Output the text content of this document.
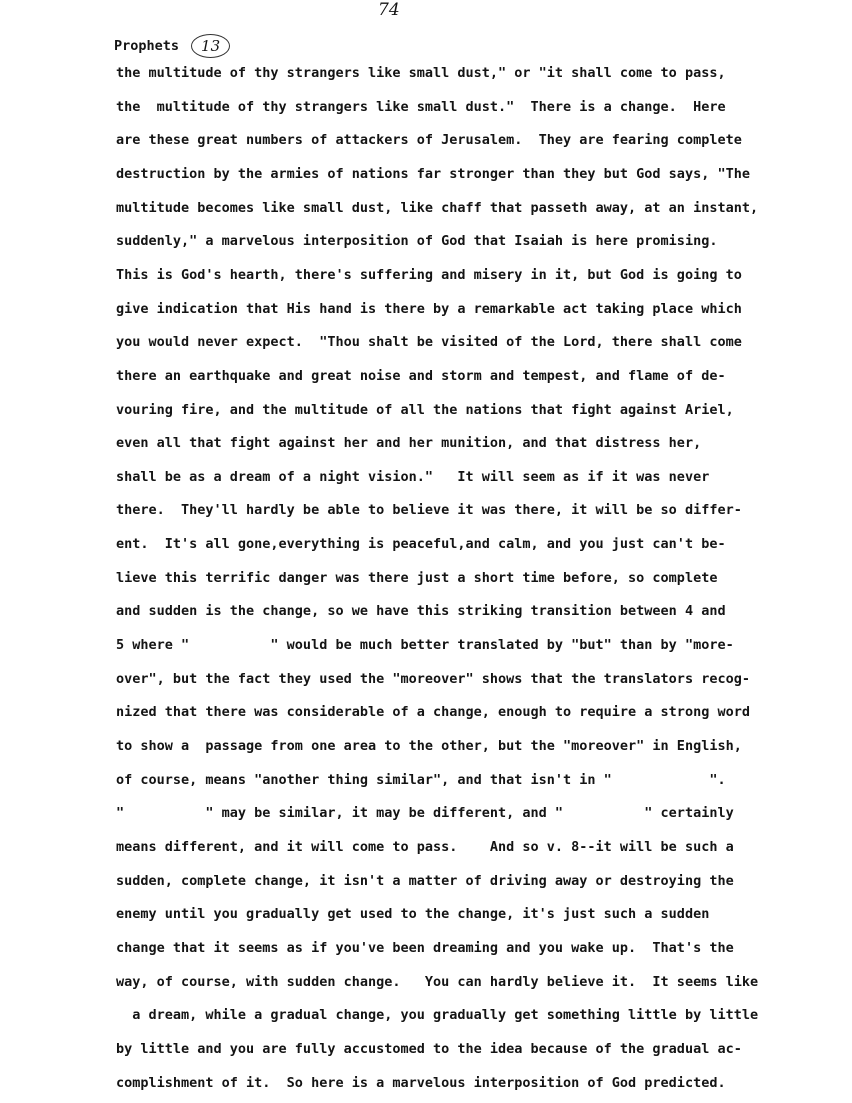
74
Prophets	13
the multitude of thy strangers like small dust," or "it shall come to pass,
the  multitude of thy strangers like small dust."  There is a change.  Here
are these great numbers of attackers of Jerusalem.  They are fearing complete
destruction by the armies of nations far stronger than they but God says, "The
multitude becomes like small dust, like chaff that passeth away, at an instant,
suddenly," a marvelous interposition of God that Isaiah is here promising.
This is God's hearth, there's suffering and misery in it, but God is going to
give indication that His hand is there by a remarkable act taking place which
you would never expect.  "Thou shalt be visited of the Lord, there shall come
there an earthquake and great noise and storm and tempest, and flame of de-
vouring fire, and the multitude of all the nations that fight against Ariel,
even all that fight against her and her munition, and that distress her,
shall be as a dream of a night vision."   It will seem as if it was never
there.  They'll hardly be able to believe it was there, it will be so differ-
ent.  It's all gone,everything is peaceful,and calm, and you just can't be-
lieve this terrific danger was there just a short time before, so complete
and sudden is the change, so we have this striking transition between 4 and
5 where "          " would be much better translated by "but" than by "more-
over", but the fact they used the "moreover" shows that the translators recog-
nized that there was considerable of a change, enough to require a strong word
to show a  passage from one area to the other, but the "moreover" in English,
of course, means "another thing similar", and that isn't in "            ".
"          " may be similar, it may be different, and "          " certainly
means different, and it will come to pass.    And so v. 8--it will be such a
sudden, complete change, it isn't a matter of driving away or destroying the
enemy until you gradually get used to the change, it's just such a sudden
change that it seems as if you've been dreaming and you wake up.  That's the
way, of course, with sudden change.   You can hardly believe it.  It seems like
a dream, while a gradual change, you gradually get something little by little
by little and you are fully accustomed to the idea because of the gradual ac-
complishment of it.  So here is a marvelous interposition of God predicted.
